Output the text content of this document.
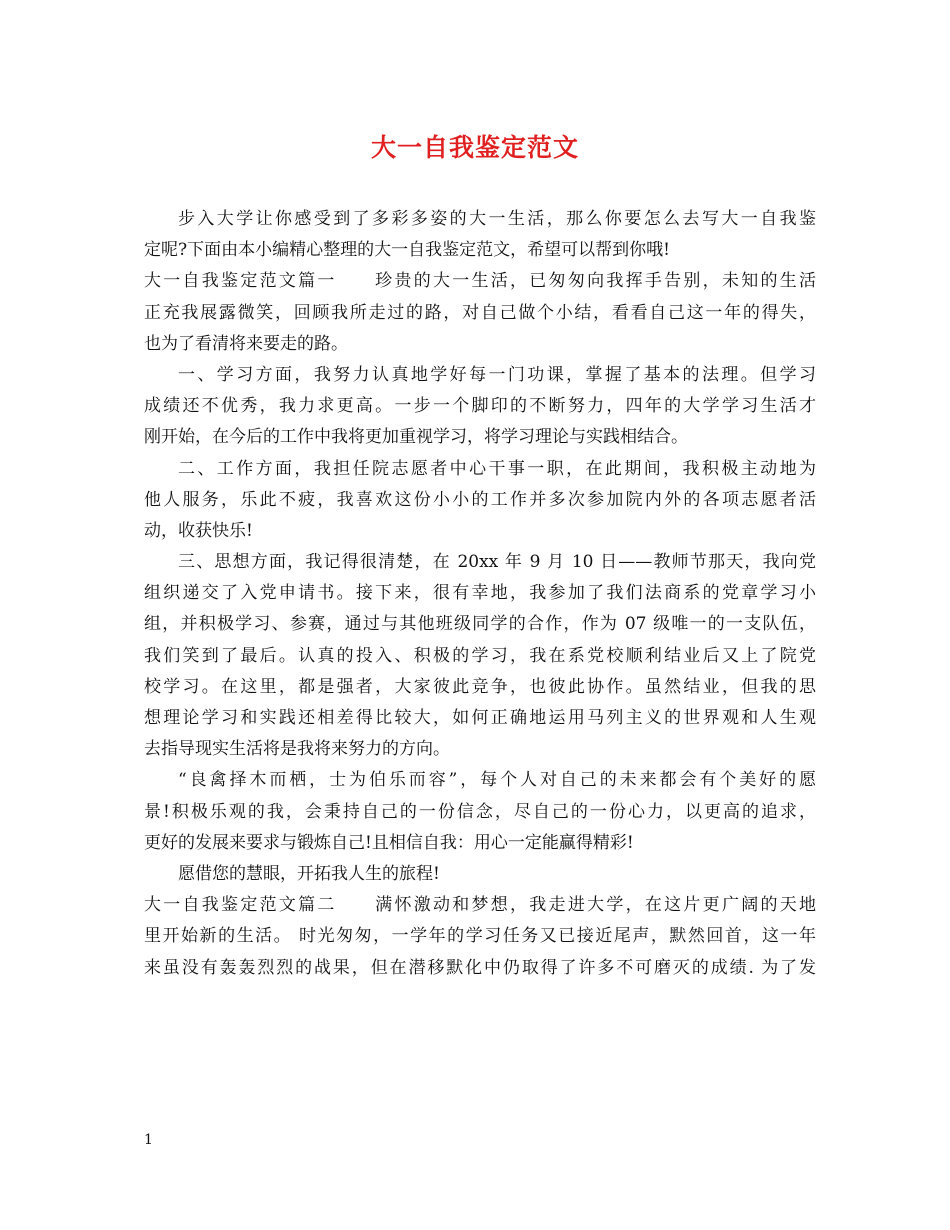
大一自我鉴定范文
步入大学让你感受到了多彩多姿的大一生活，那么你要怎么去写大一自我鉴
定呢?下面由本小编精心整理的大一自我鉴定范文，希望可以帮到你哦!
大一自我鉴定范文篇一　　珍贵的大一生活，已匆匆向我挥手告别，未知的生活
正充我展露微笑，回顾我所走过的路，对自己做个小结，看看自己这一年的得失，
也为了看清将来要走的路。
一、学习方面，我努力认真地学好每一门功课，掌握了基本的法理。但学习
成绩还不优秀，我力求更高。一步一个脚印的不断努力，四年的大学学习生活才
刚开始，在今后的工作中我将更加重视学习，将学习理论与实践相结合。
二、工作方面，我担任院志愿者中心干事一职，在此期间，我积极主动地为
他人服务，乐此不疲，我喜欢这份小小的工作并多次参加院内外的各项志愿者活
动，收获快乐!
三、思想方面，我记得很清楚，在 20xx 年 9 月 10 日——教师节那天，我向党
组织递交了入党申请书。接下来，很有幸地，我参加了我们法商系的党章学习小
组，并积极学习、参赛，通过与其他班级同学的合作，作为 07 级唯一的一支队伍，
我们笑到了最后。认真的投入、积极的学习，我在系党校顺利结业后又上了院党
校学习。在这里，都是强者，大家彼此竞争，也彼此协作。虽然结业，但我的思
想理论学习和实践还相差得比较大，如何正确地运用马列主义的世界观和人生观
去指导现实生活将是我将来努力的方向。
“良禽择木而栖，士为伯乐而容”，每个人对自己的未来都会有个美好的愿
景!积极乐观的我，会秉持自己的一份信念，尽自己的一份心力，以更高的追求，
更好的发展来要求与锻炼自己!且相信自我：用心一定能赢得精彩!
愿借您的慧眼，开拓我人生的旅程!
大一自我鉴定范文篇二　　满怀激动和梦想，我走进大学，在这片更广阔的天地
里开始新的生活。 时光匆匆，一学年的学习任务又已接近尾声，默然回首，这一年
来虽没有轰轰烈烈的战果，但在潜移默化中仍取得了许多不可磨灭的成绩. 为了发
1
